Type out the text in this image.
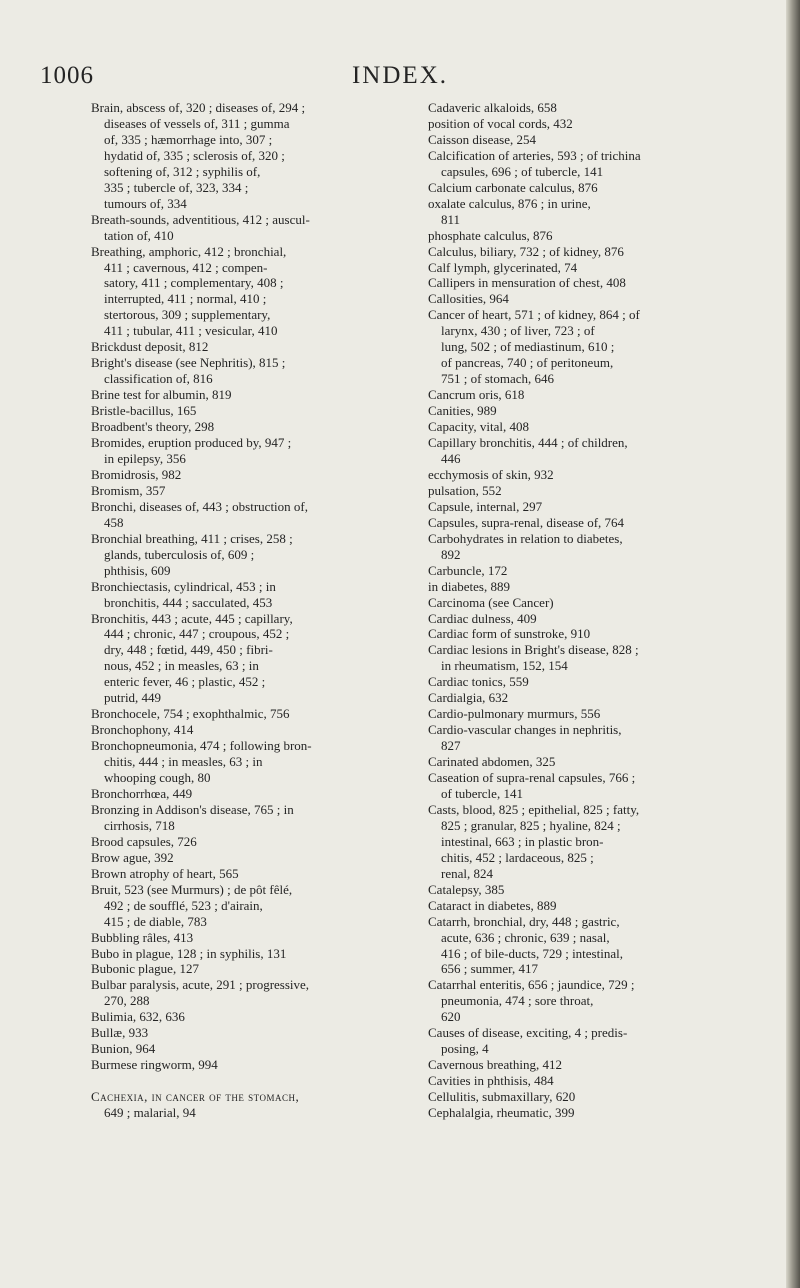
1006	INDEX.

Brain, abscess of, 320 ; diseases of, 294 ;
diseases of vessels of, 311 ; gumma
of, 335 ; hæmorrhage into, 307 ;
hydatid of, 335 ; sclerosis of, 320 ;
softening of, 312 ; syphilis of,
335 ; tubercle of, 323, 334 ;
tumours of, 334

Breath-sounds, adventitious, 412 ; auscul-
tation of, 410

Breathing, amphoric, 412 ; bronchial,
411 ; cavernous, 412 ; compen-
satory, 411 ; complementary, 408 ;
interrupted, 411 ; normal, 410 ;
stertorous, 309 ; supplementary,
411 ; tubular, 411 ; vesicular, 410

Brickdust deposit, 812

Bright's disease (see Nephritis), 815 ;
classification of, 816

Brine test for albumin, 819

Bristle-bacillus, 165

Broadbent's theory, 298

Bromides, eruption produced by, 947 ;
in epilepsy, 356

Bromidrosis, 982

Bromism, 357

Bronchi, diseases of, 443 ; obstruction of,
458

Bronchial breathing, 411 ; crises, 258 ;
glands, tuberculosis of, 609 ;
phthisis, 609

Bronchiectasis, cylindrical, 453 ; in
bronchitis, 444 ; sacculated, 453

Bronchitis, 443 ; acute, 445 ; capillary,
444 ; chronic, 447 ; croupous, 452 ;
dry, 448 ; fœtid, 449, 450 ; fibri-
nous, 452 ; in measles, 63 ; in
enteric fever, 46 ; plastic, 452 ;
putrid, 449

Bronchocele, 754 ; exophthalmic, 756

Bronchophony, 414

Bronchopneumonia, 474 ; following bron-
chitis, 444 ; in measles, 63 ; in
whooping cough, 80

Bronchorrhœa, 449

Bronzing in Addison's disease, 765 ; in
cirrhosis, 718

Brood capsules, 726

Brow ague, 392

Brown atrophy of heart, 565

Bruit, 523 (see Murmurs) ; de pôt fêlé,
492 ; de soufflé, 523 ; d'airain,
415 ; de diable, 783

Bubbling râles, 413

Bubo in plague, 128 ; in syphilis, 131

Bubonic plague, 127

Bulbar paralysis, acute, 291 ; progressive,
270, 288

Bulimia, 632, 636

Bullæ, 933

Bunion, 964

Burmese ringworm, 994

Cachexia, in cancer of the stomach,
649 ; malarial, 94

Cadaveric alkaloids, 658

position of vocal cords, 432

Caisson disease, 254

Calcification of arteries, 593 ; of trichina
capsules, 696 ; of tubercle, 141

Calcium carbonate calculus, 876

oxalate calculus, 876 ; in urine,
811

phosphate calculus, 876

Calculus, biliary, 732 ; of kidney, 876

Calf lymph, glycerinated, 74

Callipers in mensuration of chest, 408

Callosities, 964

Cancer of heart, 571 ; of kidney, 864 ; of
larynx, 430 ; of liver, 723 ; of
lung, 502 ; of mediastinum, 610 ;
of pancreas, 740 ; of peritoneum,
751 ; of stomach, 646

Cancrum oris, 618

Canities, 989

Capacity, vital, 408

Capillary bronchitis, 444 ; of children,
446

ecchymosis of skin, 932

pulsation, 552

Capsule, internal, 297

Capsules, supra-renal, disease of, 764

Carbohydrates in relation to diabetes,
892

Carbuncle, 172

in diabetes, 889

Carcinoma (see Cancer)

Cardiac dulness, 409

Cardiac form of sunstroke, 910

Cardiac lesions in Bright's disease, 828 ;
in rheumatism, 152, 154

Cardiac tonics, 559

Cardialgia, 632

Cardio-pulmonary murmurs, 556

Cardio-vascular changes in nephritis,
827

Carinated abdomen, 325

Caseation of supra-renal capsules, 766 ;
of tubercle, 141

Casts, blood, 825 ; epithelial, 825 ; fatty,
825 ; granular, 825 ; hyaline, 824 ;
intestinal, 663 ; in plastic bron-
chitis, 452 ; lardaceous, 825 ;
renal, 824

Catalepsy, 385

Cataract in diabetes, 889

Catarrh, bronchial, dry, 448 ; gastric,
acute, 636 ; chronic, 639 ; nasal,
416 ; of bile-ducts, 729 ; intestinal,
656 ; summer, 417

Catarrhal enteritis, 656 ; jaundice, 729 ;
pneumonia, 474 ; sore throat,
620

Causes of disease, exciting, 4 ; predis-
posing, 4

Cavernous breathing, 412

Cavities in phthisis, 484

Cellulitis, submaxillary, 620

Cephalalgia, rheumatic, 399
